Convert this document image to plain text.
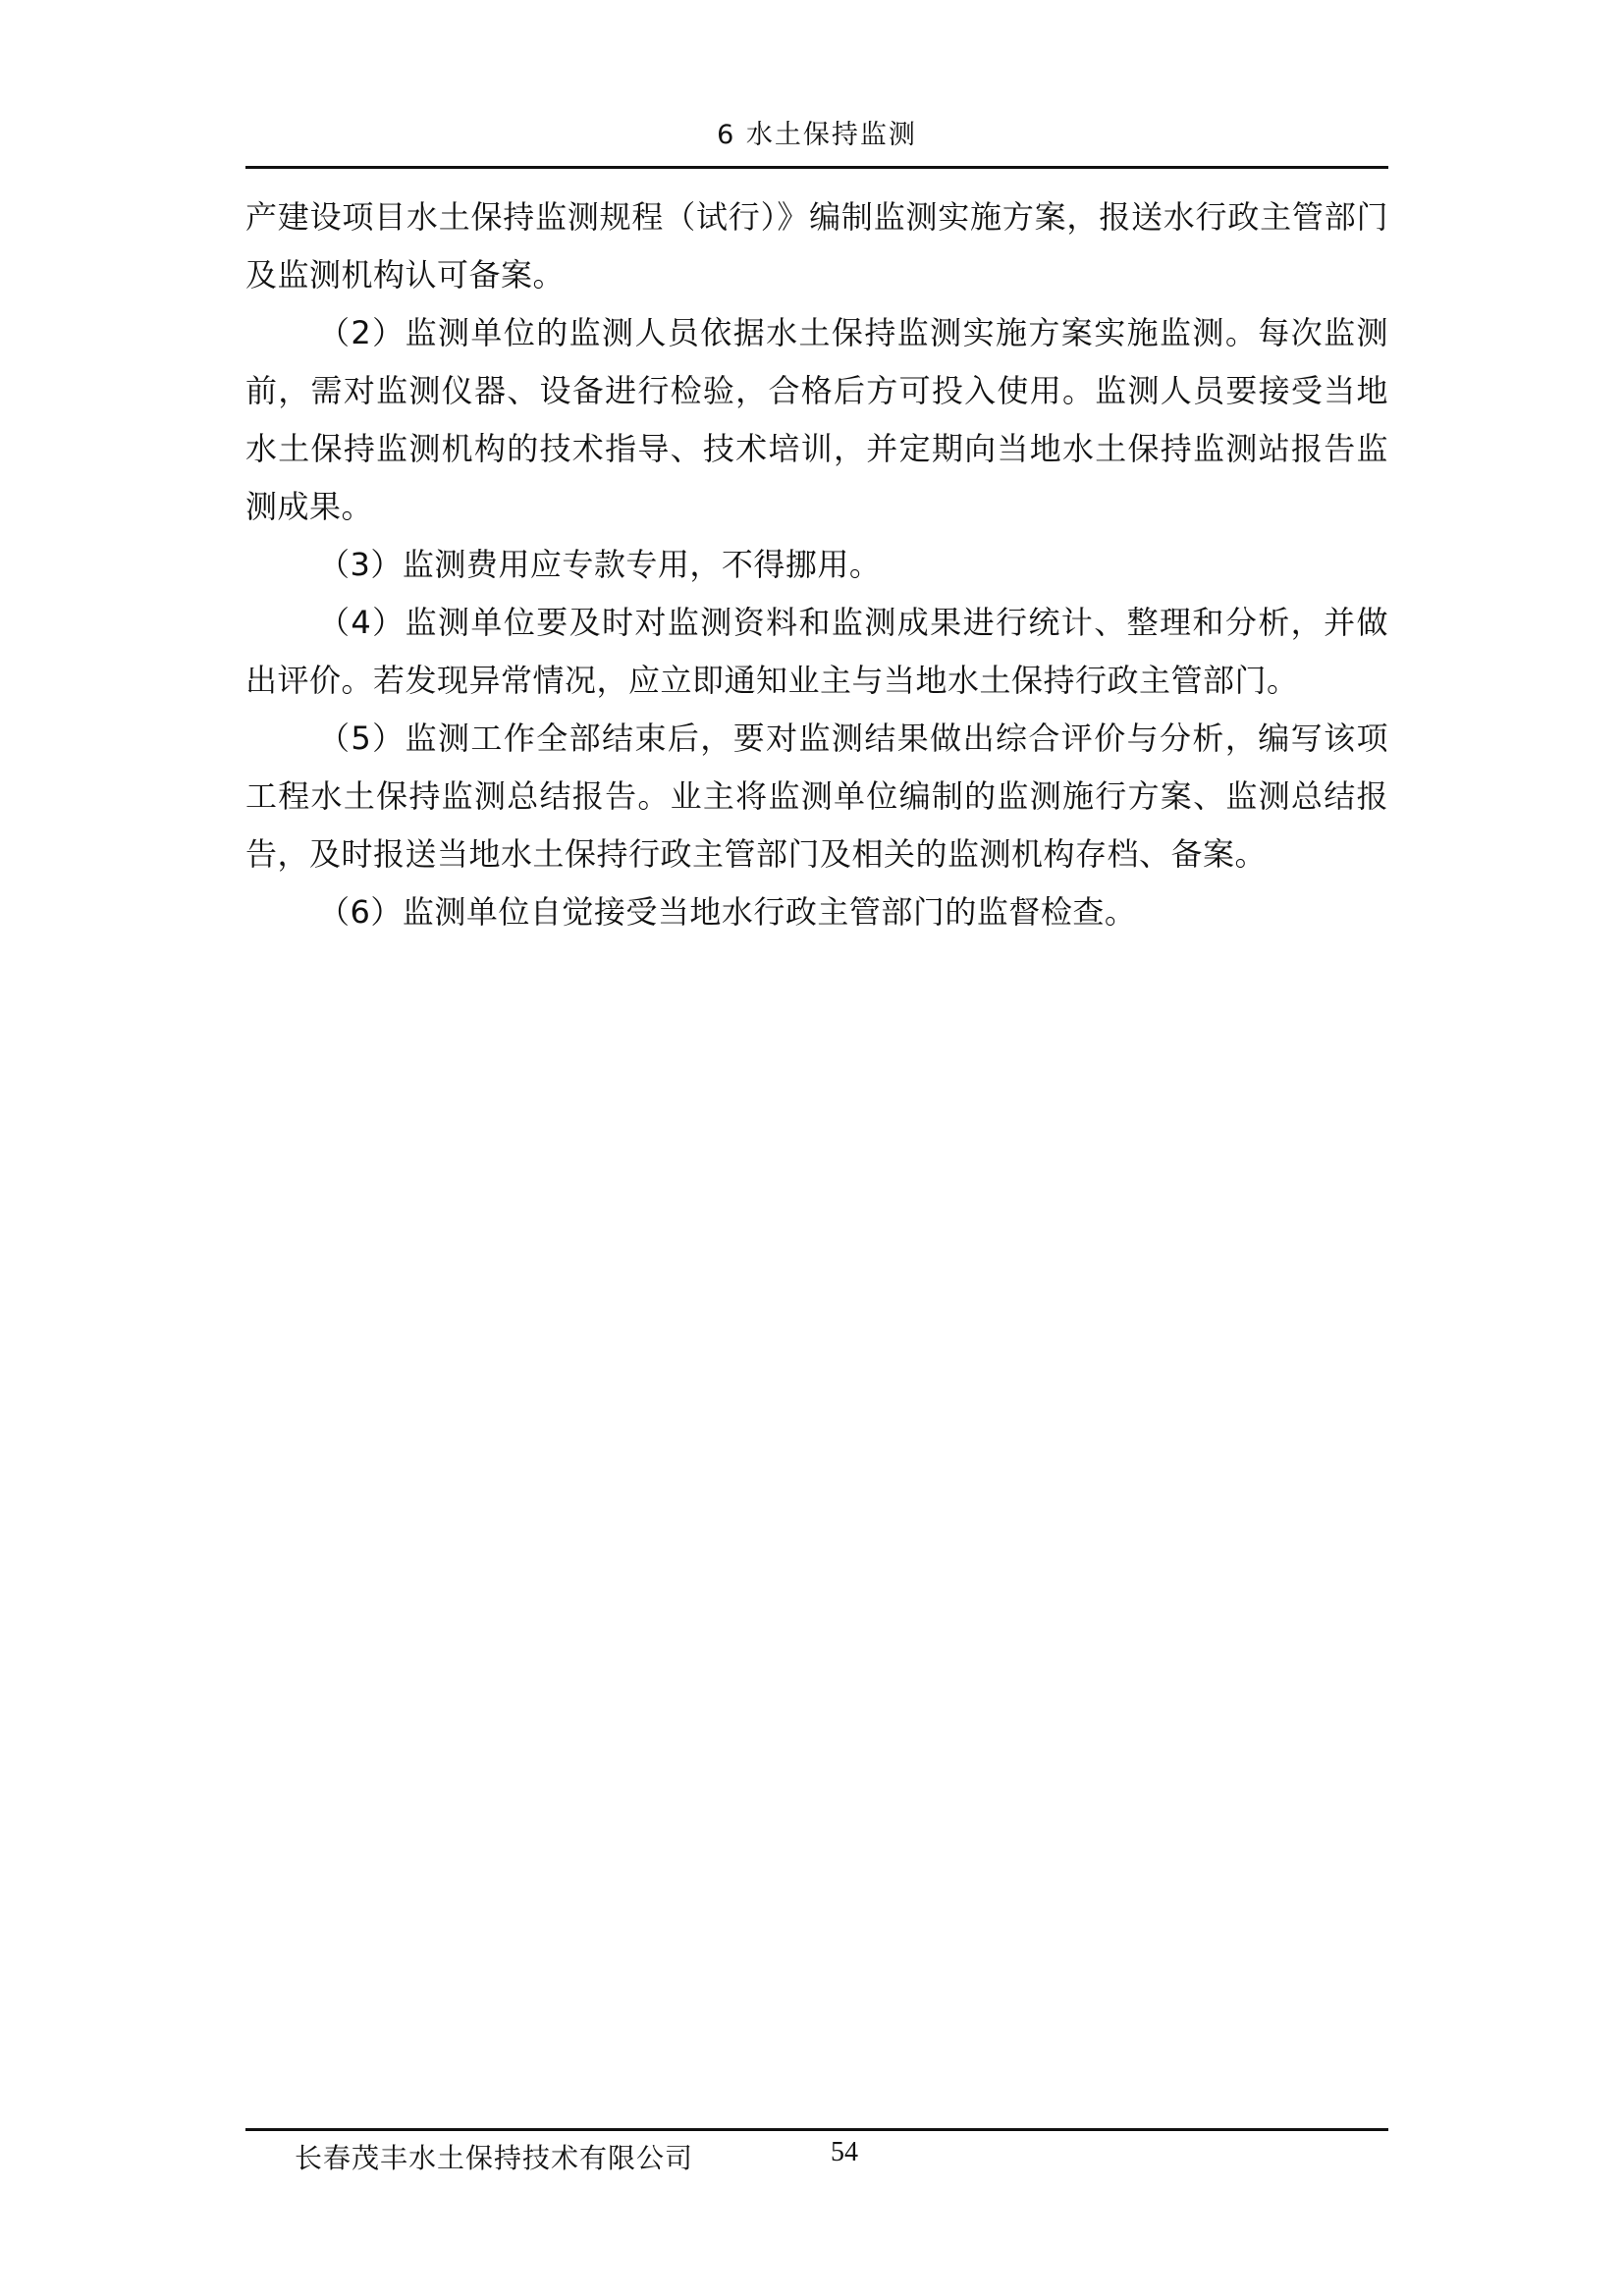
6 水土保持监测

产建设项目水土保持监测规程（试行）》编制监测实施方案，报送水行政主管部门及监测机构认可备案。

（2）监测单位的监测人员依据水土保持监测实施方案实施监测。每次监测前，需对监测仪器、设备进行检验，合格后方可投入使用。监测人员要接受当地水土保持监测机构的技术指导、技术培训，并定期向当地水土保持监测站报告监测成果。

（3）监测费用应专款专用，不得挪用。

（4）监测单位要及时对监测资料和监测成果进行统计、整理和分析，并做出评价。若发现异常情况，应立即通知业主与当地水土保持行政主管部门。

（5）监测工作全部结束后，要对监测结果做出综合评价与分析，编写该项工程水土保持监测总结报告。业主将监测单位编制的监测施行方案、监测总结报告，及时报送当地水土保持行政主管部门及相关的监测机构存档、备案。

（6）监测单位自觉接受当地水行政主管部门的监督检查。

长春茂丰水土保持技术有限公司	54
